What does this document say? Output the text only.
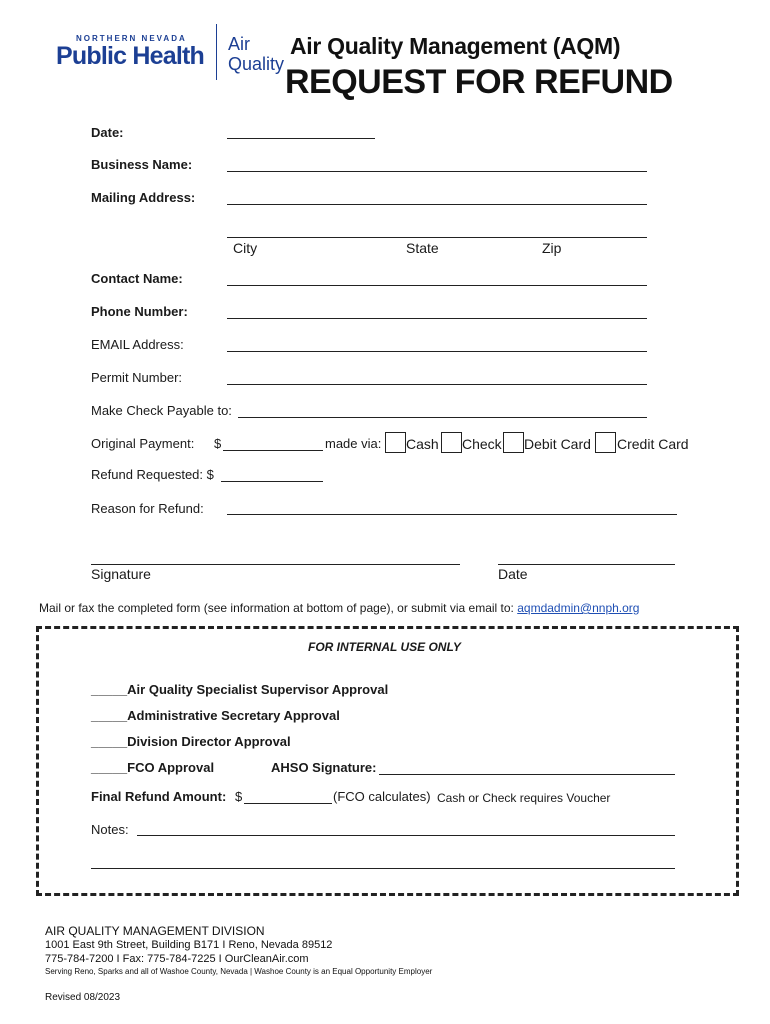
NORTHERN NEVADA
Public Health Air
Quality
Air Quality Management (AQM)
REQUEST FOR REFUND
Date:
Business Name:
Mailing Address:
City	State	Zip
Contact Name:
Phone Number:
EMAIL Address:
Permit Number:
Make Check Payable to:
Original Payment: $	made via: Cash Check Debit Card Credit Card
Refund Requested: $
Reason for Refund:
Signature	Date
Mail or fax the completed form (see information at bottom of page), or submit via email to: aqmdadmin@nnph.org
FOR INTERNAL USE ONLY
_____Air Quality Specialist Supervisor Approval
_____Administrative Secretary Approval
_____Division Director Approval
_____FCO Approval	AHSO Signature:
Final Refund Amount: $	(FCO calculates) Cash or Check requires Voucher
Notes:
AIR QUALITY MANAGEMENT DIVISION
1001 East 9th Street, Building B171 I Reno, Nevada 89512
775-784-7200 I Fax: 775-784-7225 I OurCleanAir.com
Serving Reno, Sparks and all of Washoe County, Nevada | Washoe County is an Equal Opportunity Employer
Revised 08/2023
